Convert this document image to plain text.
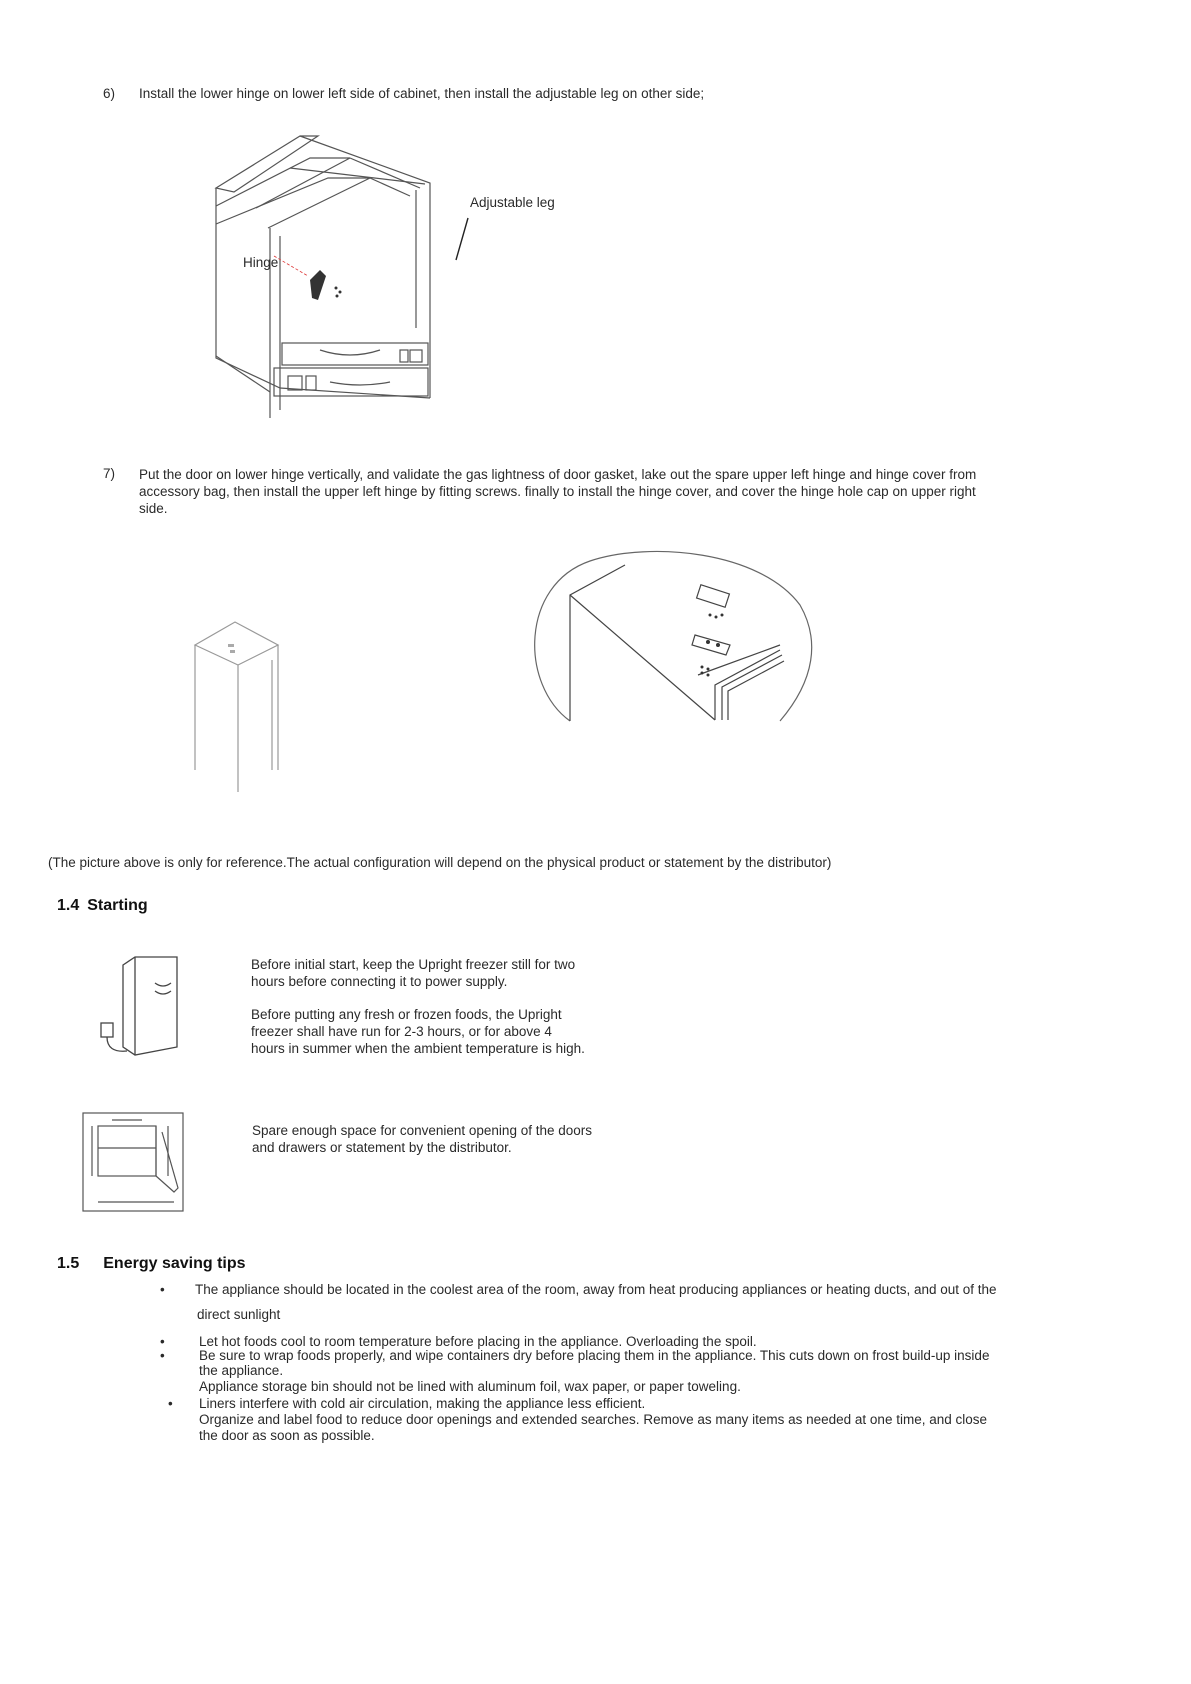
6) Install the lower hinge on lower left side of cabinet, then install the adjustable leg on other side;
Adjustable leg
Hinge
7) Put the door on lower hinge vertically, and validate the gas lightness of door gasket, lake out the spare upper left hinge and hinge cover from
accessory bag, then install the upper left hinge by fitting screws. finally to install the hinge cover, and cover the hinge hole cap on upper right
side.
(The picture above is only for reference.The actual configuration will depend on the physical product or statement by the distributor)
1.4 Starting
Before initial start, keep the Upright freezer still for two
hours before connecting it to power supply.
Before putting any fresh or frozen foods, the Upright
freezer shall have run for 2-3 hours, or for above 4
hours in summer when the ambient temperature is high.
Spare enough space for convenient opening of the doors
and drawers or statement by the distributor.
1.5 Energy saving tips
• The appliance should be located in the coolest area of the room, away from heat producing appliances or heating ducts, and out of the
direct sunlight
•	Let hot foods cool to room temperature before placing in the appliance. Overloading the spoil.
•	Be sure to wrap foods properly, and wipe containers dry before placing them in the appliance. This cuts down on frost build-up inside
the appliance.
Appliance storage bin should not be lined with aluminum foil, wax paper, or paper toweling.
• Liners interfere with cold air circulation, making the appliance less efficient.
Organize and label food to reduce door openings and extended searches. Remove as many items as needed at one time, and close
the door as soon as possible.
